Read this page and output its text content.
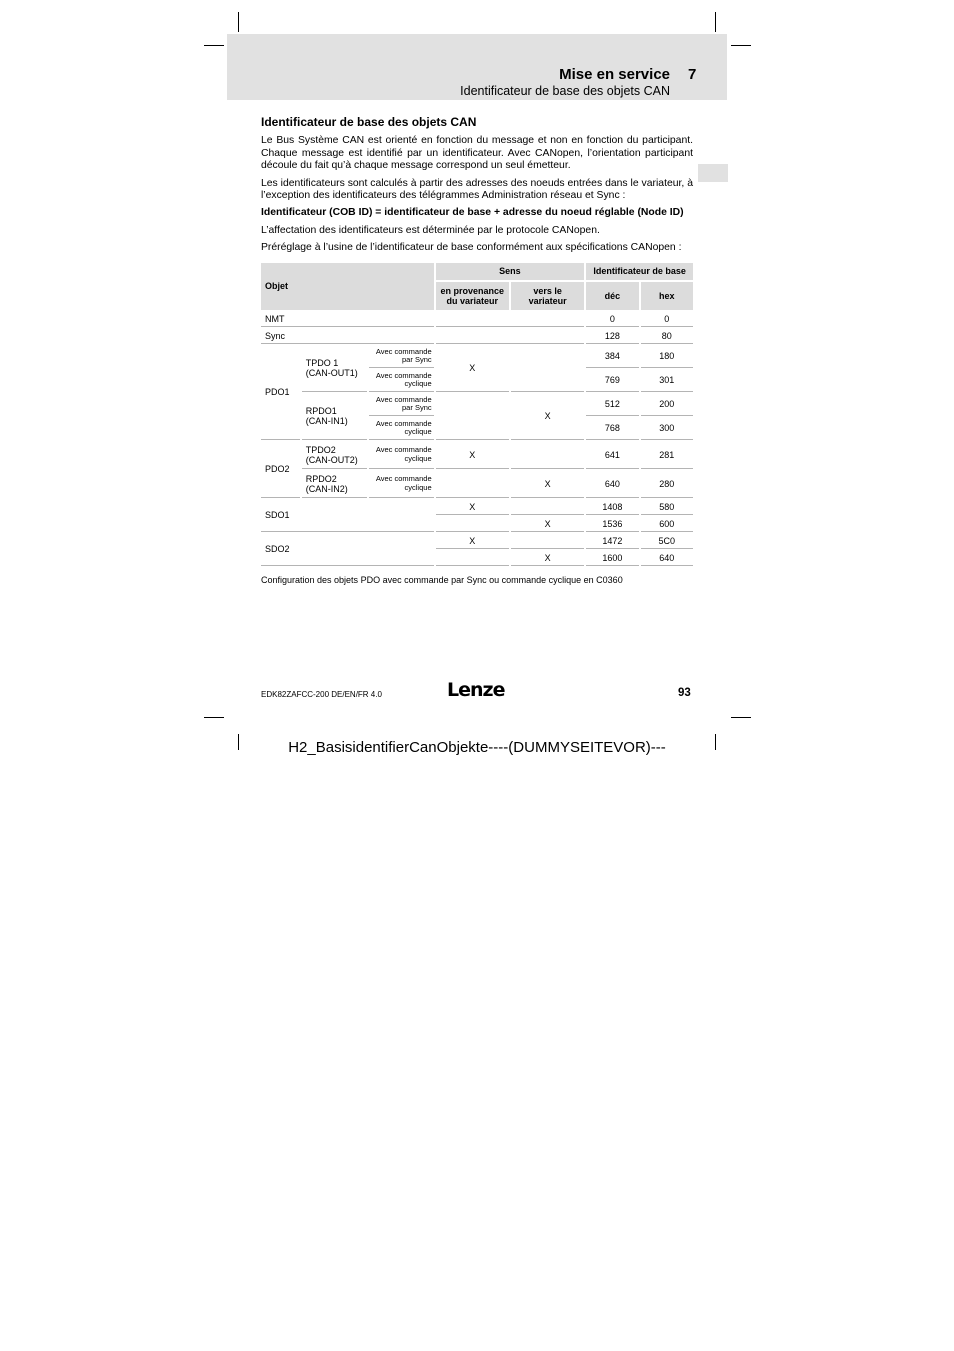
Mise en service 7
Identificateur de base des objets CAN
Identificateur de base des objets CAN

Le Bus Système CAN est orienté en fonction du message et non en fonction du participant. Chaque message est identifié par un identificateur. Avec CANopen, l’orientation participant découle du fait qu’à chaque message correspond un seul émetteur.

Les identificateurs sont calculés à partir des adresses des noeuds entrées dans le variateur, à l’exception des identificateurs des télégrammes Administration réseau et Sync :

Identificateur (COB ID) = identificateur de base + adresse du noeud réglable (Node ID)

L’affectation des identificateurs est déterminée par le protocole CANopen.

Préréglage à l’usine de l’identificateur de base conformément aux spécifications CANopen :

Objet			Sens		Identificateur de base	
			en provenance du variateur	vers le variateur	déc	hex
NMT					0	0
Sync					128	80
PDO1	TPDO 1 (CAN-OUT1)	Avec commande par Sync	X		384	180
		Avec commande cyclique			769	301
	RPDO1 (CAN-IN1)	Avec commande par Sync		X	512	200
		Avec commande cyclique			768	300
PDO2	TPDO2 (CAN-OUT2)	Avec commande cyclique	X		641	281
	RPDO2 (CAN-IN2)	Avec commande cyclique		X	640	280
SDO1			X		1408	580
				X	1536	600
SDO2			X		1472	5C0
				X	1600	640
Configuration des objets PDO avec commande par Sync ou commande cyclique en C0360
EDK82ZAFCC-200 DE/EN/FR 4.0	Lenze	93
H2_BasisidentifierCanObjekte----(DUMMYSEITEVOR)---
